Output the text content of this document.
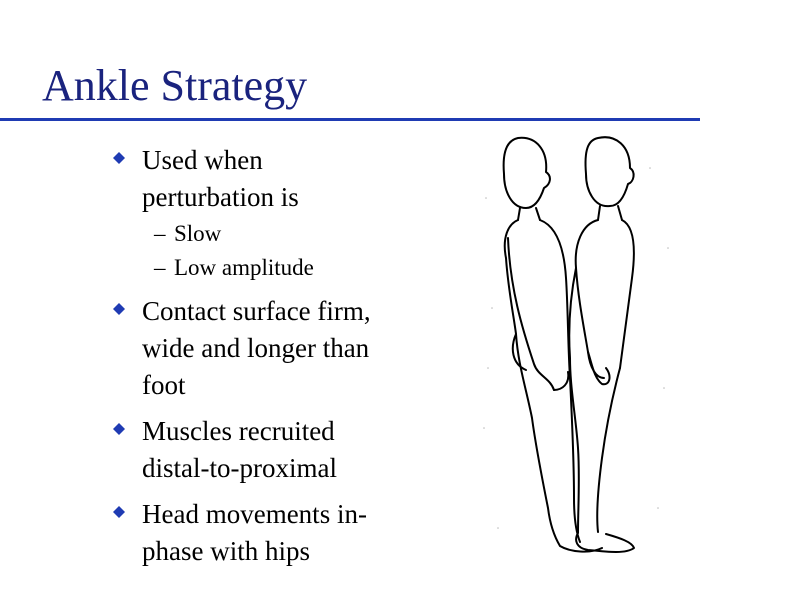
Ankle Strategy
Used when
perturbation is
– Slow
– Low amplitude
Contact surface firm,
wide and longer than
foot
Muscles recruited
distal-to-proximal
Head movements in-
phase with hips
